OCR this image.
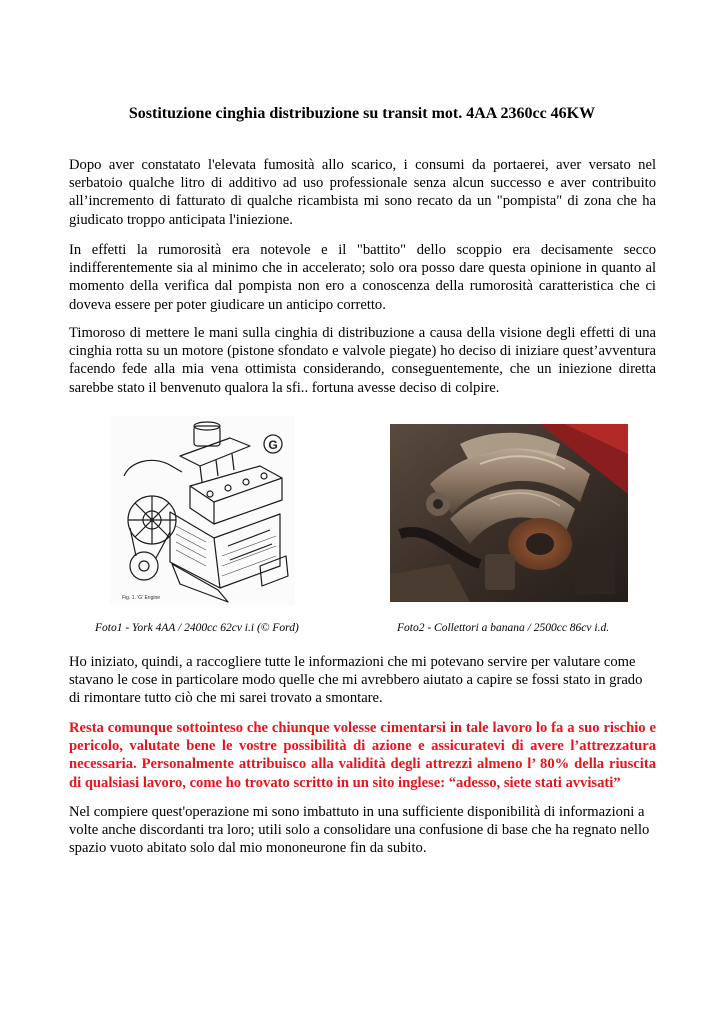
Sostituzione cinghia distribuzione su transit mot. 4AA 2360cc 46KW

Dopo aver constatato l'elevata fumosità allo scarico, i consumi da portaerei, aver versato nel serbatoio qualche litro di additivo ad uso professionale senza alcun successo e aver contribuito all’incremento di fatturato di qualche ricambista mi sono recato da un "pompista" di zona che ha giudicato troppo anticipata l'iniezione.

In effetti la rumorosità era notevole e il "battito" dello scoppio era decisamente secco indifferentemente sia al minimo che in accelerato; solo ora posso dare questa opinione in quanto al momento della verifica dal pompista non ero a conoscenza della rumorosità caratteristica che ci doveva essere per poter giudicare un anticipo corretto.

Timoroso di mettere le mani sulla cinghia di distribuzione a causa della visione degli effetti di una cinghia rotta su un motore (pistone sfondato e valvole piegate) ho deciso di iniziare quest’avventura facendo fede alla mia vena ottimista considerando, conseguentemente, che un iniezione diretta sarebbe stato il benvenuto qualora la sfi.. fortuna avesse deciso di colpire.

G
Fig. 1. 'G' Engine

Foto1 - York 4AA / 2400cc 62cv i.i (© Ford)	Foto2 - Collettori a banana / 2500cc 86cv i.d.

Ho iniziato, quindi, a raccogliere tutte le informazioni che mi potevano servire per valutare come stavano le cose in particolare modo quelle che mi avrebbero aiutato a capire se fossi stato in grado di rimontare tutto ciò che mi sarei trovato a smontare.

Resta comunque sottointeso che chiunque volesse cimentarsi in tale lavoro lo fa a suo rischio e pericolo, valutate bene le vostre possibilità di azione e assicuratevi di avere l’attrezzatura necessaria. Personalmente attribuisco alla validità degli attrezzi almeno l’ 80% della riuscita di qualsiasi lavoro, come ho trovato scritto in un sito inglese: “adesso, siete stati avvisati”

Nel compiere quest'operazione mi sono imbattuto in una sufficiente disponibilità di informazioni a volte anche discordanti tra loro; utili solo a consolidare una confusione di base che ha regnato nello spazio vuoto abitato solo dal mio mononeurone fin da subito.
